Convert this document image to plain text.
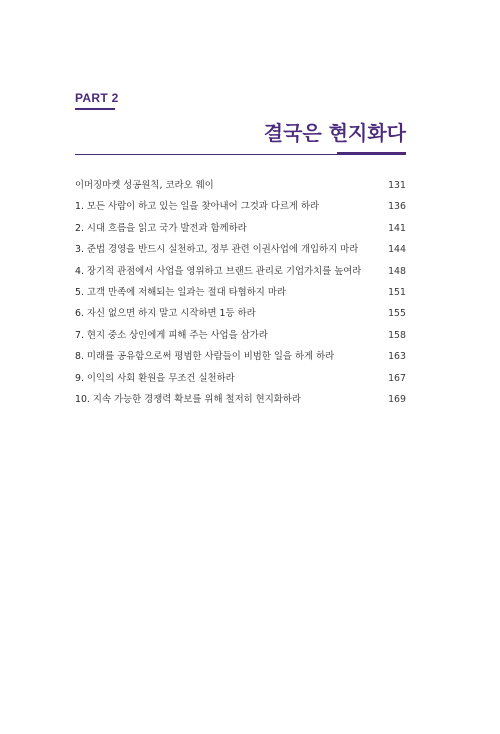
PART 2
결국은 현지화다
이머징마켓 성공원칙, 코라오 웨이	131
1. 모든 사람이 하고 있는 일을 찾아내어 그것과 다르게 하라	136
2. 시대 흐름을 읽고 국가 발전과 함께하라	141
3. 준법 경영을 반드시 실천하고, 정부 관련 이권사업에 개입하지 마라	144
4. 장기적 관점에서 사업을 영위하고 브랜드 관리로 기업가치를 높여라	148
5. 고객 만족에 저해되는 일과는 절대 타협하지 마라	151
6. 자신 없으면 하지 말고 시작하면 1등 하라	155
7. 현지 중소 상인에게 피해 주는 사업을 삼가라	158
8. 미래를 공유함으로써 평범한 사람들이 비범한 일을 하게 하라	163
9. 이익의 사회 환원을 무조건 실천하라	167
10. 지속 가능한 경쟁력 확보를 위해 철저히 현지화하라	169
